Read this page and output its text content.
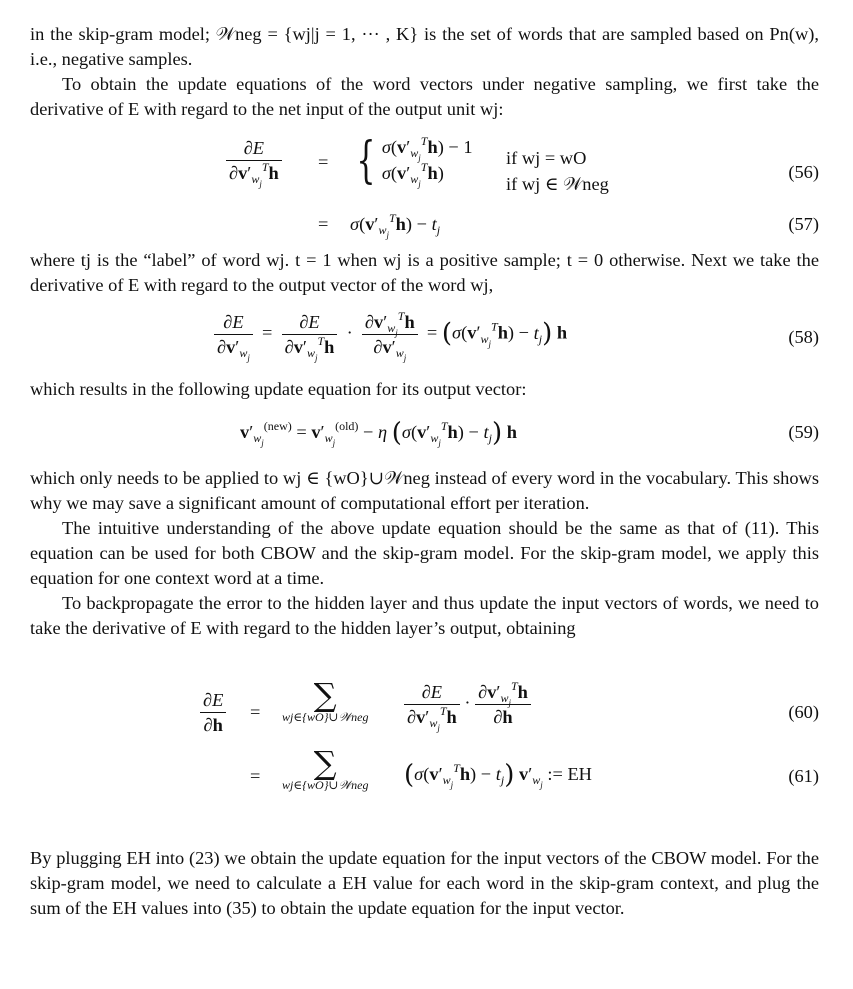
in the skip-gram model; 𝒲neg = {wj|j = 1, ··· , K} is the set of words that are sampled based on Pn(w), i.e., negative samples.

To obtain the update equations of the word vectors under negative sampling, we first take the derivative of E with regard to the net input of the output unit wj:

$\frac{\partial E}{\partial v'_{w_j}^Th}$ = { $\sigma(v'_{w_j}^Th) - 1$
$\sigma(v'_{w_j}^Th)$
if wj = wO
if wj ∈ 𝒲neg
(56)
= $\sigma(v'_{w_j}^Th) - t_j$	(57)

where tj is the “label” of word wj. t = 1 when wj is a positive sample; t = 0 otherwise. Next we take the derivative of E with regard to the output vector of the word wj,

$\frac{\partial E}{\partial v'_{w_j}} = \frac{\partial E}{\partial v'_{w_j}^Th} \cdot \frac{\partial v'_{w_j}^Th}{\partial v'_{w_j}} = (\sigma(v'_{w_j}^Th) - t_j)$ h	(58)

which results in the following update equation for its output vector:

$v'_{w_j}^{(new)} = v'_{w_j}^{(old)} - \eta$ $(\sigma(v'_{w_j}^Th) - t_j)$ h	(59)

which only needs to be applied to wj ∈ {wO}∪𝒲neg instead of every word in the vocabulary. This shows why we may save a significant amount of computational effort per iteration.

The intuitive understanding of the above update equation should be the same as that of (11). This equation can be used for both CBOW and the skip-gram model. For the skip-gram model, we apply this equation for one context word at a time.

To backpropagate the error to the hidden layer and thus update the input vectors of words, we need to take the derivative of E with regard to the hidden layer’s output, obtaining

$\frac{\partial E}{\partial h}$ =	∑
wj∈{wO}∪𝒲neg $\frac{\partial E}{\partial v'_{w_j}^Th} \cdot \frac{\partial v'_{w_j}^Th}{\partial h}$	(60)
=	∑
wj∈{wO}∪𝒲neg $(\sigma(v'_{w_j}^Th) - t_j)$ $v'_{w_j}$ := EH	(61)

By plugging EH into (23) we obtain the update equation for the input vectors of the CBOW model. For the skip-gram model, we need to calculate a EH value for each word in the skip-gram context, and plug the sum of the EH values into (35) to obtain the update equation for the input vector.
